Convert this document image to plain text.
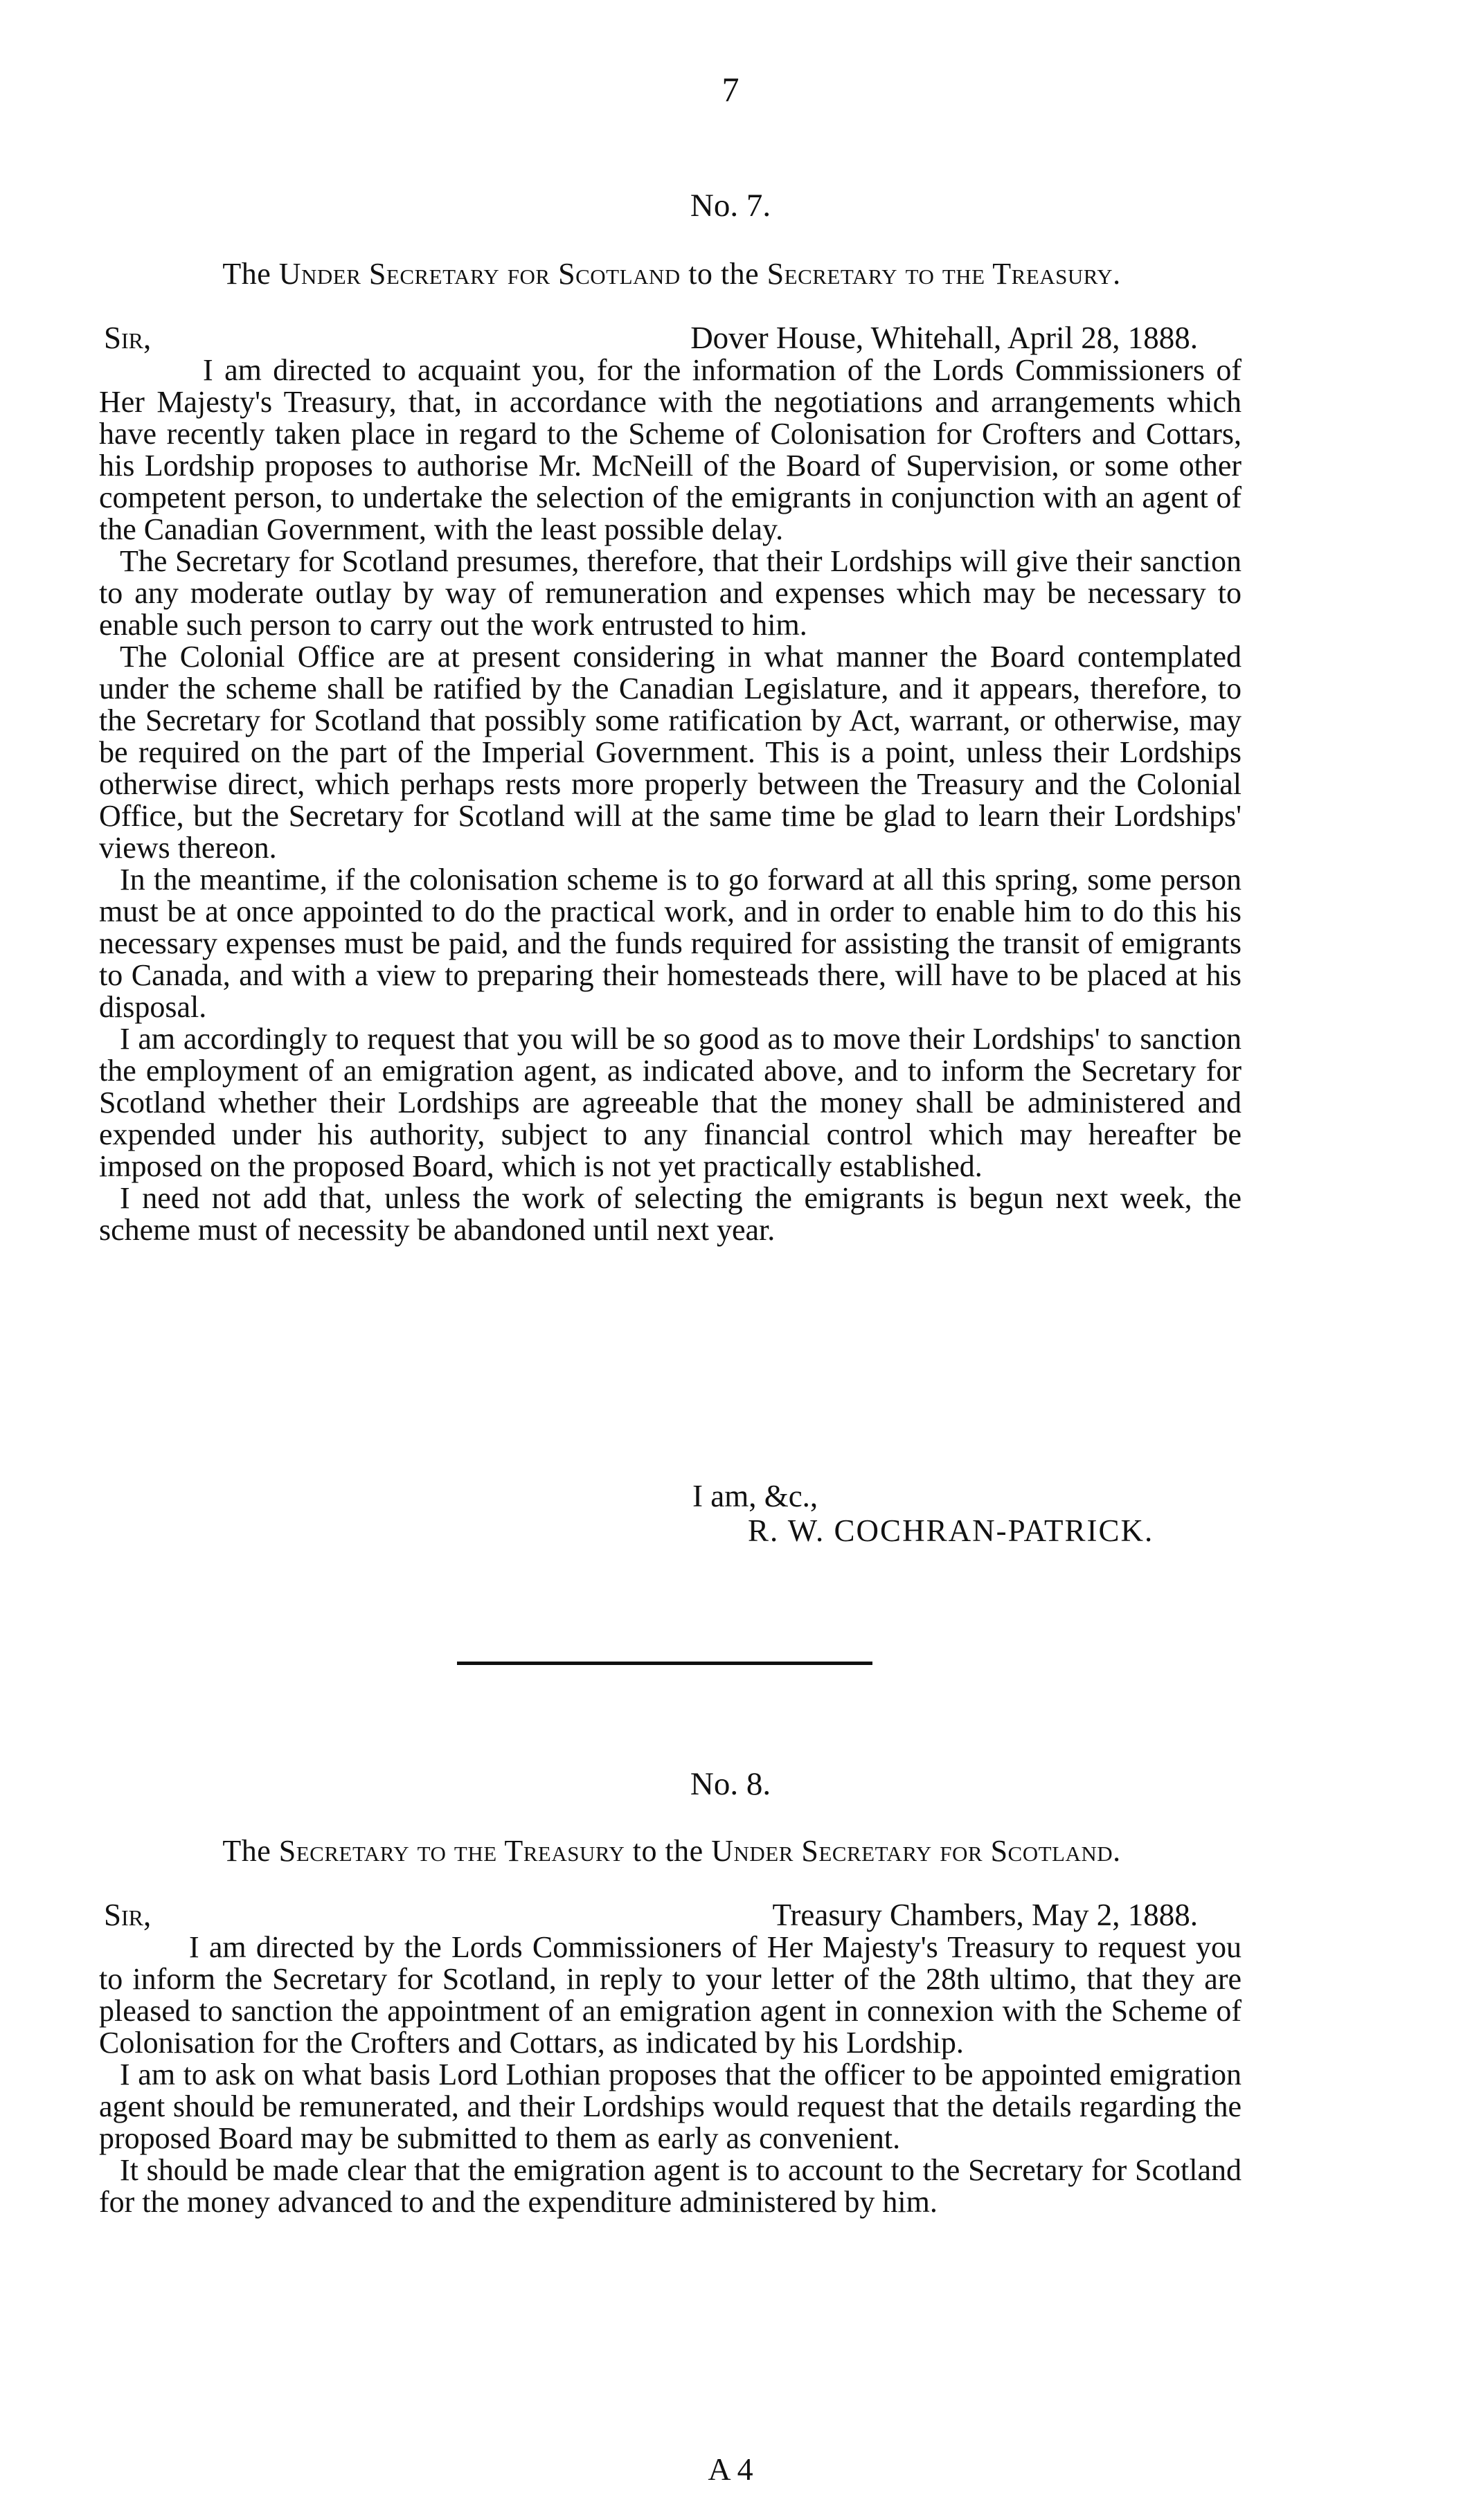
7
No. 7.
The Under Secretary for Scotland to the Secretary to the Treasury.
Sir,	Dover House, Whitehall, April 28, 1888.

I am directed to acquaint you, for the information of the Lords Commissioners of Her Majesty's Treasury, that, in accordance with the negotiations and arrangements which have recently taken place in regard to the Scheme of Colonisation for Crofters and Cottars, his Lordship proposes to authorise Mr. McNeill of the Board of Supervision, or some other competent person, to undertake the selection of the emigrants in conjunction with an agent of the Canadian Government, with the least possible delay.

The Secretary for Scotland presumes, therefore, that their Lordships will give their sanction to any moderate outlay by way of remuneration and expenses which may be necessary to enable such person to carry out the work entrusted to him.

The Colonial Office are at present considering in what manner the Board contemplated under the scheme shall be ratified by the Canadian Legislature, and it appears, therefore, to the Secretary for Scotland that possibly some ratification by Act, warrant, or otherwise, may be required on the part of the Imperial Government. This is a point, unless their Lordships otherwise direct, which perhaps rests more properly between the Treasury and the Colonial Office, but the Secretary for Scotland will at the same time be glad to learn their Lordships' views thereon.

In the meantime, if the colonisation scheme is to go forward at all this spring, some person must be at once appointed to do the practical work, and in order to enable him to do this his necessary expenses must be paid, and the funds required for assisting the transit of emigrants to Canada, and with a view to preparing their homesteads there, will have to be placed at his disposal.

I am accordingly to request that you will be so good as to move their Lordships' to sanction the employment of an emigration agent, as indicated above, and to inform the Secretary for Scotland whether their Lordships are agreeable that the money shall be administered and expended under his authority, subject to any financial control which may hereafter be imposed on the proposed Board, which is not yet practically established.

I need not add that, unless the work of selecting the emigrants is begun next week, the scheme must of necessity be abandoned until next year.

I am, &c.,
R. W. COCHRAN-PATRICK.
No. 8.
The Secretary to the Treasury to the Under Secretary for Scotland.
Sir,	Treasury Chambers, May 2, 1888.

I am directed by the Lords Commissioners of Her Majesty's Treasury to request you to inform the Secretary for Scotland, in reply to your letter of the 28th ultimo, that they are pleased to sanction the appointment of an emigration agent in connexion with the Scheme of Colonisation for the Crofters and Cottars, as indicated by his Lordship.

I am to ask on what basis Lord Lothian proposes that the officer to be appointed emigration agent should be remunerated, and their Lordships would request that the details regarding the proposed Board may be submitted to them as early as convenient.

It should be made clear that the emigration agent is to account to the Secretary for Scotland for the money advanced to and the expenditure administered by him.

A 4
